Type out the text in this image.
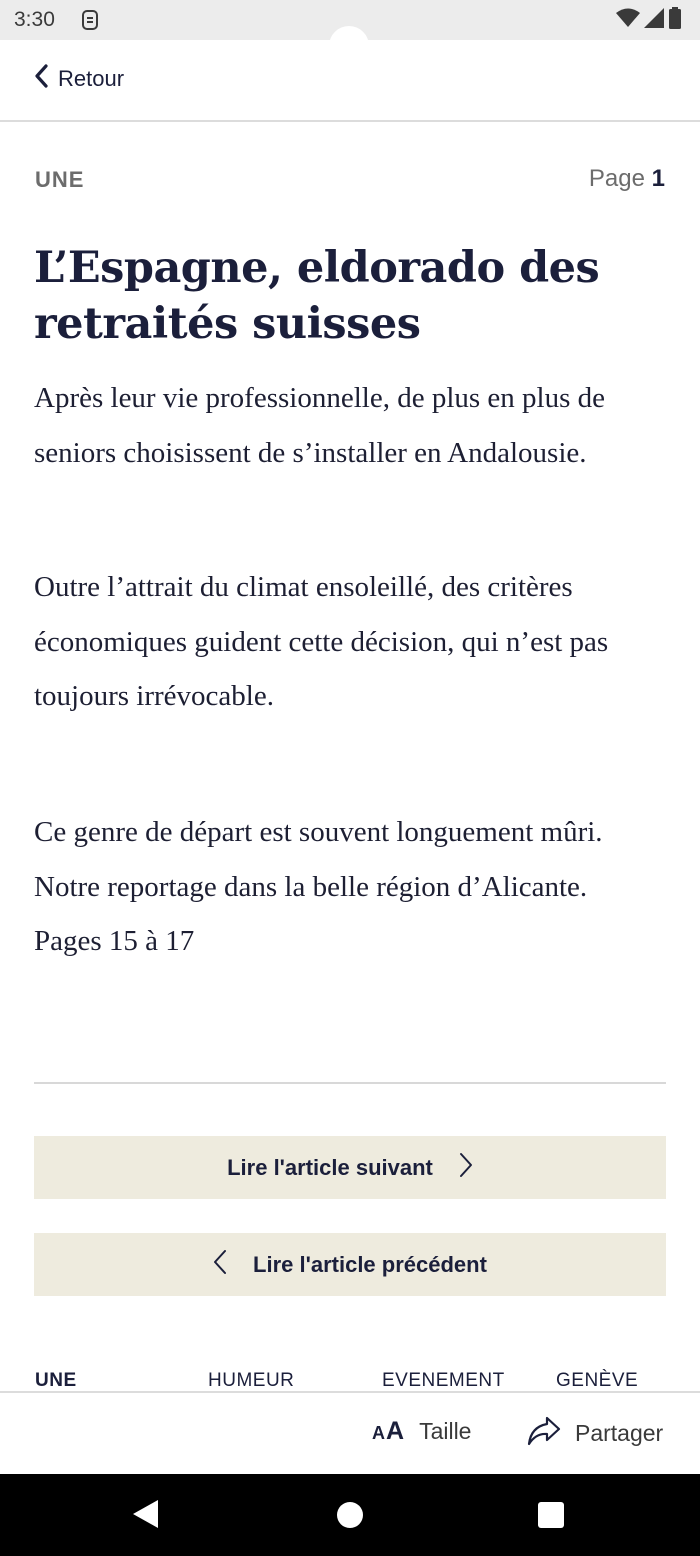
3:30
Retour
UNE	Page 1
L’Espagne, eldorado des retraités suisses

Après leur vie professionnelle, de plus en plus de seniors choisissent de s’installer en Andalousie.

Outre l’attrait du climat ensoleillé, des critères économiques guident cette décision, qui n’est pas toujours irrévocable.

Ce genre de départ est souvent longuement mûri. Notre reportage dans la belle région d’Alicante. Pages 15 à 17

Lire l'article suivant
Lire l'article précédent
UNE	HUMEUR	EVENEMENT	GENÈVE
AA Taille	Partager
